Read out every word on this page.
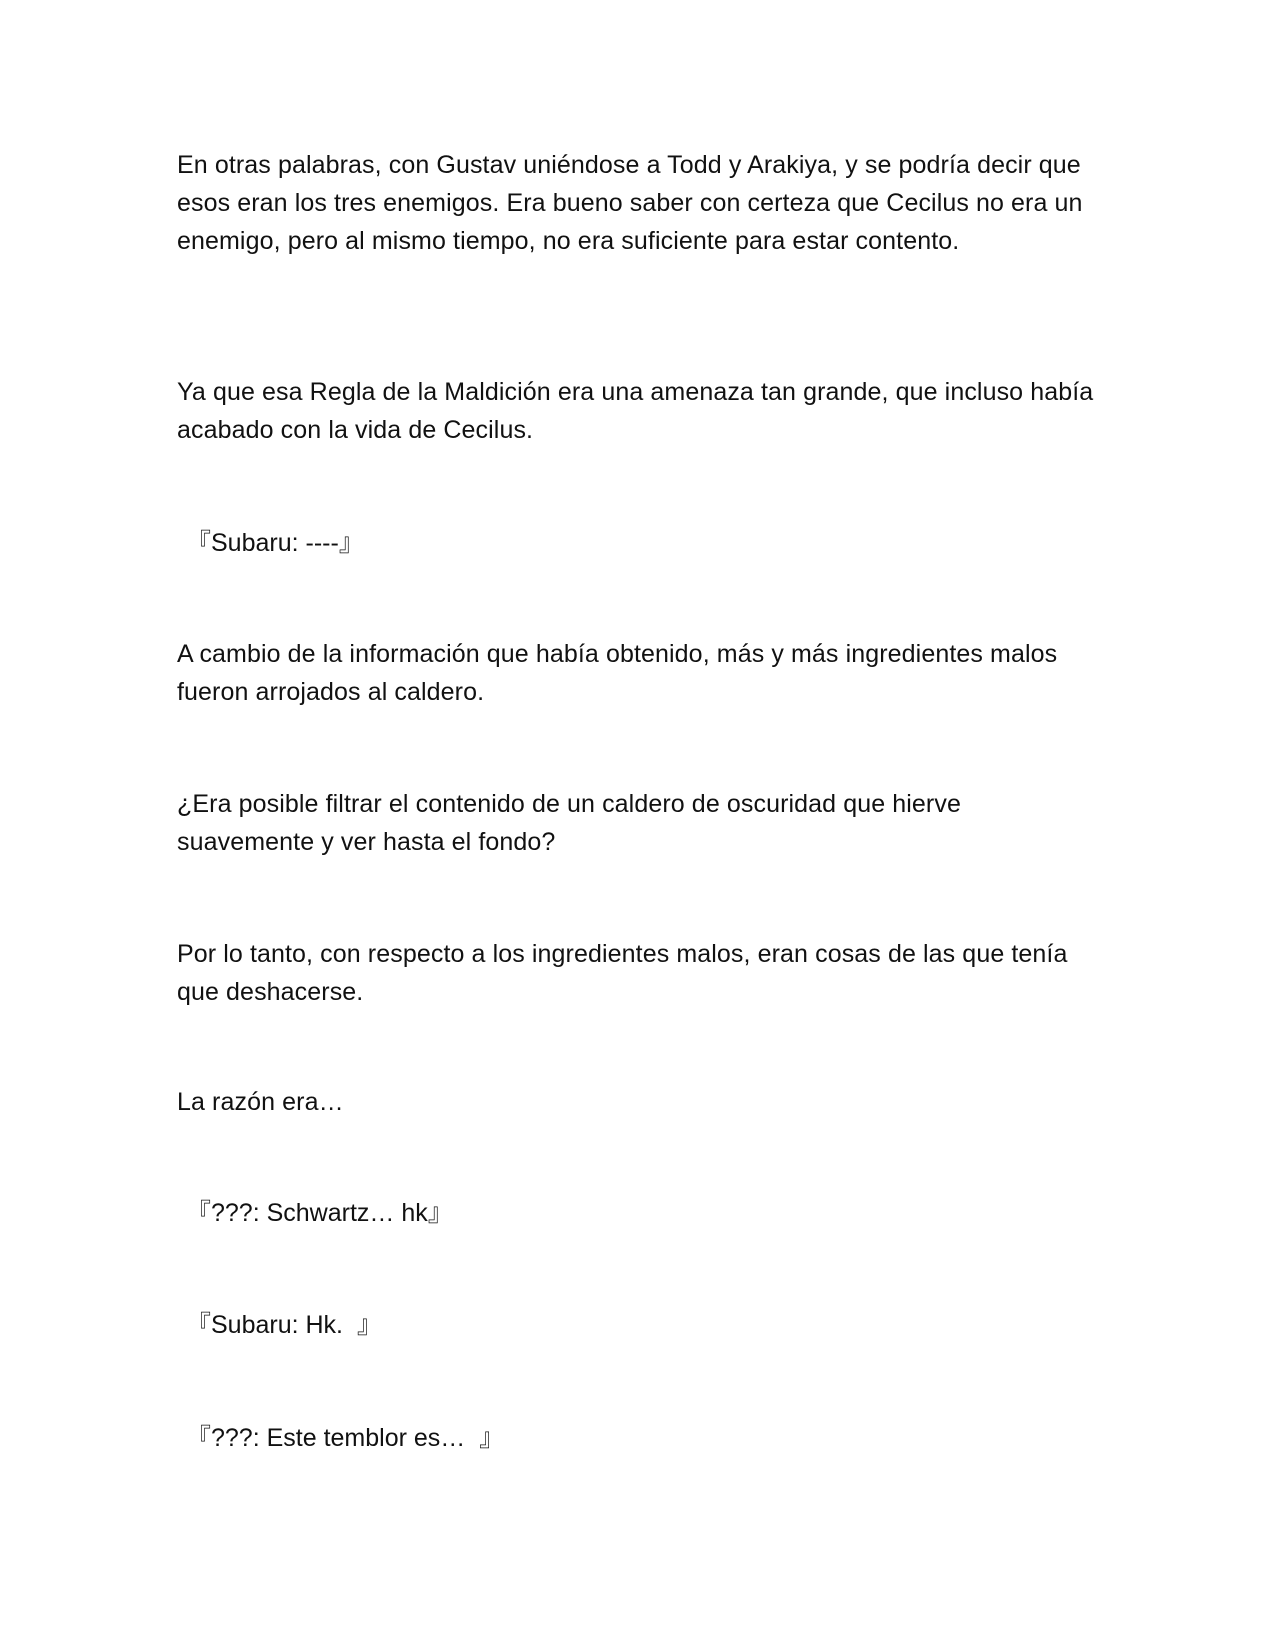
En otras palabras, con Gustav uniéndose a Todd y Arakiya, y se podría decir que esos eran los tres enemigos. Era bueno saber con certeza que Cecilus no era un enemigo, pero al mismo tiempo, no era suficiente para estar contento.

Ya que esa Regla de la Maldición era una amenaza tan grande, que incluso había acabado con la vida de Cecilus.

『Subaru: ----』

A cambio de la información que había obtenido, más y más ingredientes malos fueron arrojados al caldero.

¿Era posible filtrar el contenido de un caldero de oscuridad que hierve suavemente y ver hasta el fondo?

Por lo tanto, con respecto a los ingredientes malos, eran cosas de las que tenía que deshacerse.

La razón era…

『???: Schwartz… hk』

『Subaru: Hk.  』

『???: Este temblor es…  』
